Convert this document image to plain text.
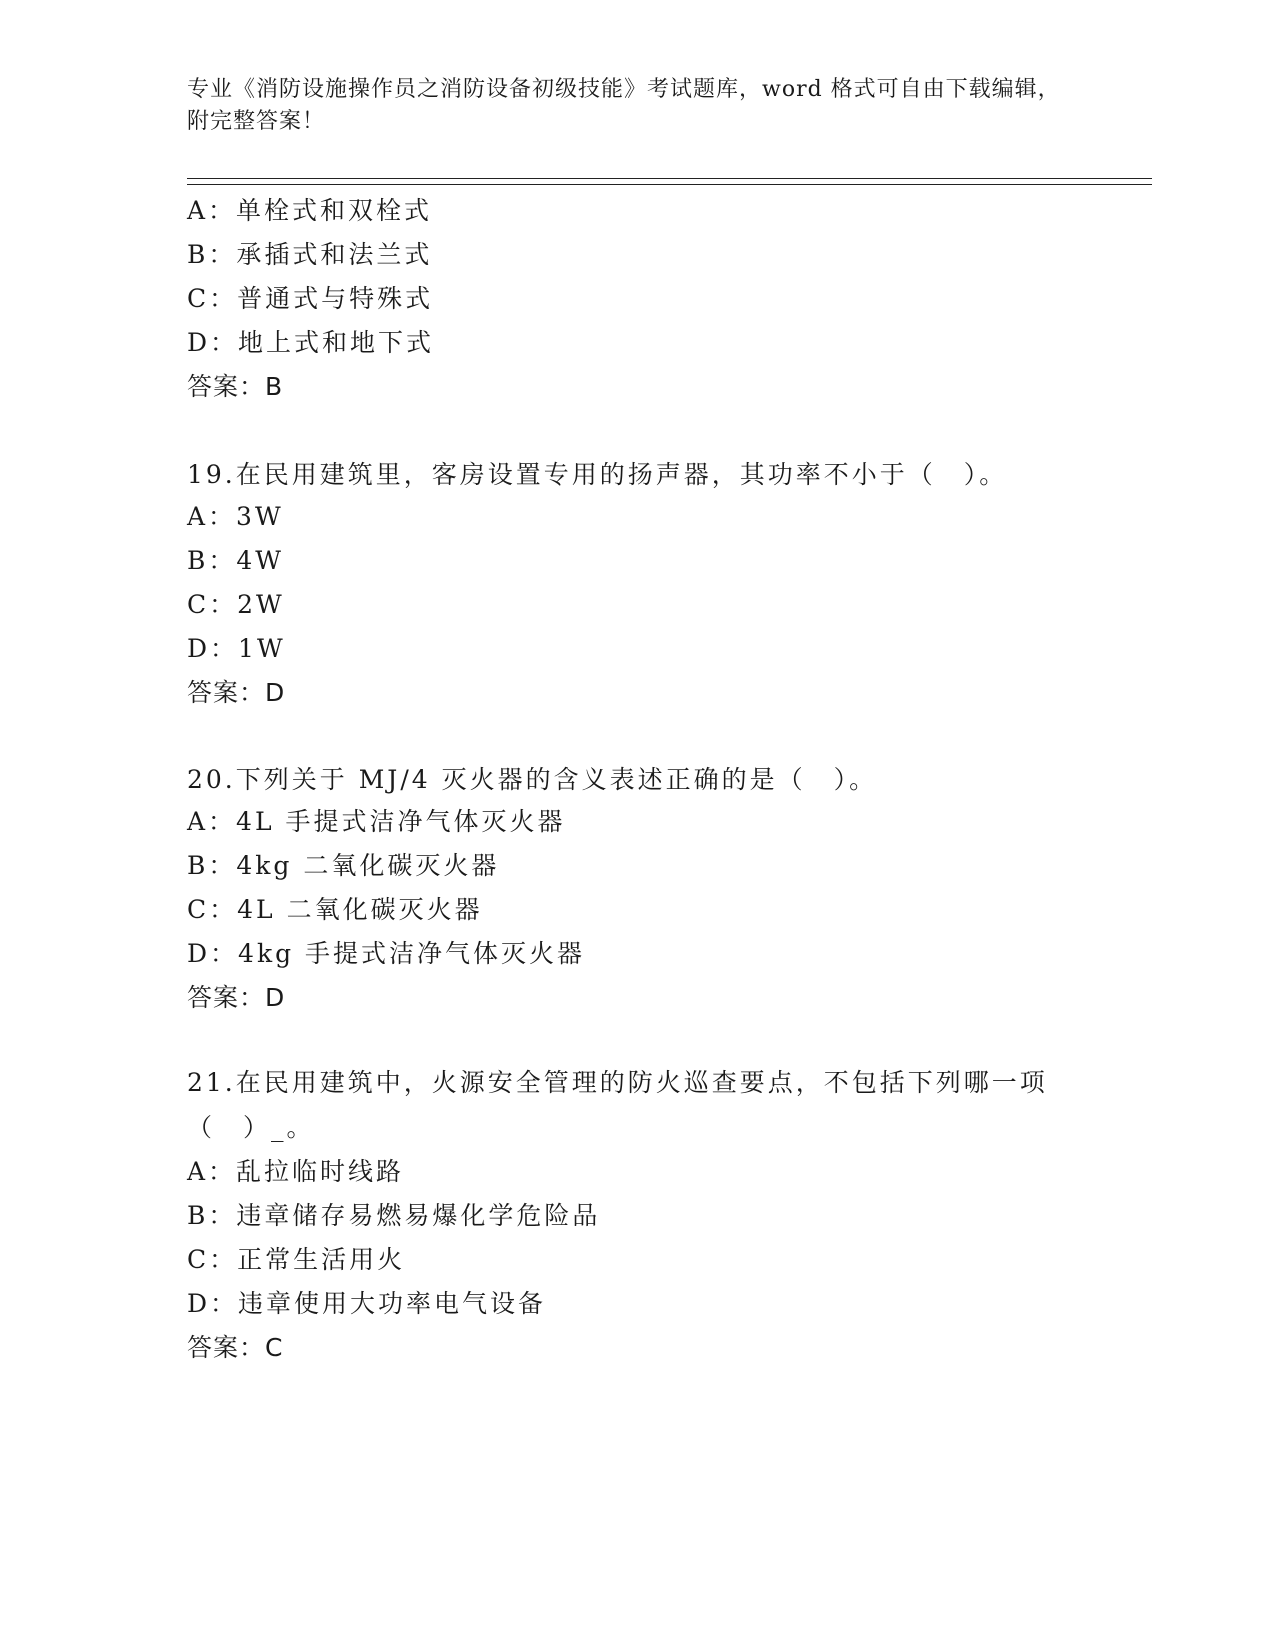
专业《消防设施操作员之消防设备初级技能》考试题库，word 格式可自由下载编辑，附完整答案！
A：单栓式和双栓式
B：承插式和法兰式
C：普通式与特殊式
D：地上式和地下式
答案：B
19.在民用建筑里，客房设置专用的扬声器，其功率不小于（　）。
A：3W
B：4W
C：2W
D：1W
答案：D
20.下列关于 MJ/4 灭火器的含义表述正确的是（　）。
A：4L 手提式洁净气体灭火器
B：4kg 二氧化碳灭火器
C：4L 二氧化碳灭火器
D：4kg 手提式洁净气体灭火器
答案：D
21.在民用建筑中，火源安全管理的防火巡查要点，不包括下列哪一项（　）_。
A：乱拉临时线路
B：违章储存易燃易爆化学危险品
C：正常生活用火
D：违章使用大功率电气设备
答案：C
